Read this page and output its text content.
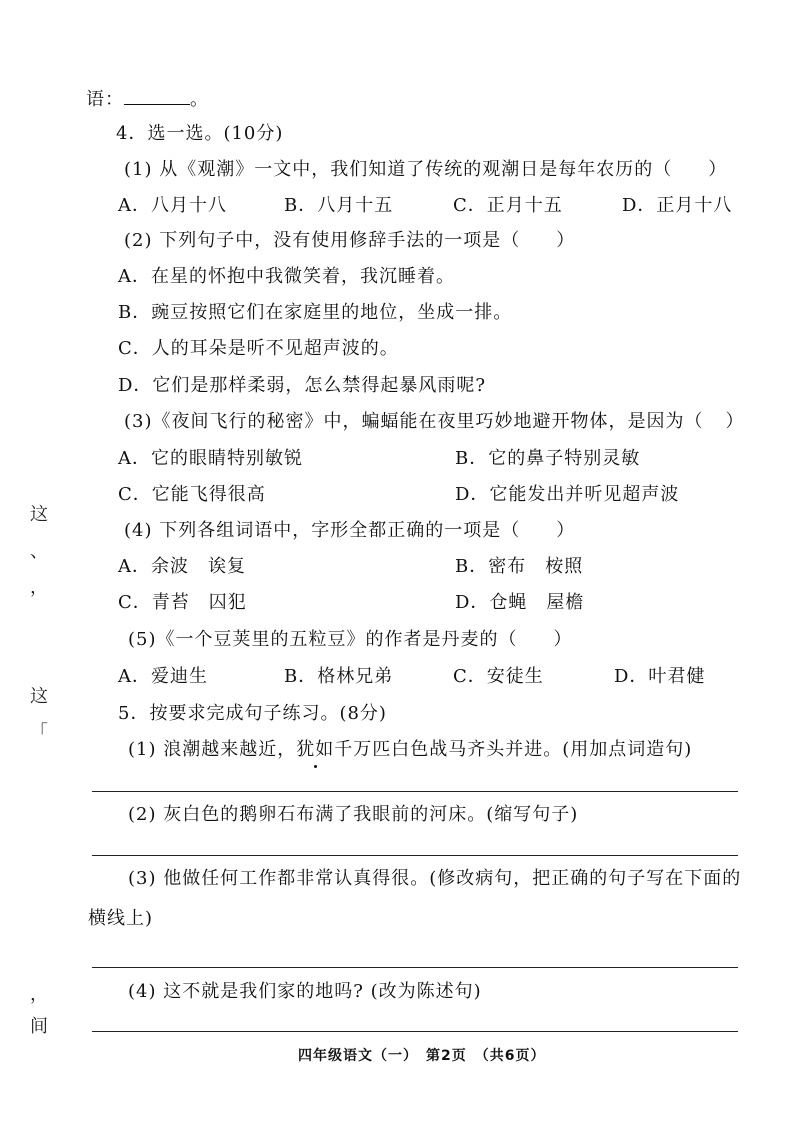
这
、
，
这
「
，
间
语：	。
4．选一选。(10分)
(1) 从《观潮》一文中，我们知道了传统的观潮日是每年农历的（ ）
A．八月十八	B．八月十五	C．正月十五	D．正月十八
(2) 下列句子中，没有使用修辞手法的一项是（ ）
A．在星的怀抱中我微笑着，我沉睡着。
B．豌豆按照它们在家庭里的地位，坐成一排。
C．人的耳朵是听不见超声波的。
D．它们是那样柔弱，怎么禁得起暴风雨呢?
(3)《夜间飞行的秘密》中，蝙蝠能在夜里巧妙地避开物体，是因为（ ）
A．它的眼睛特别敏锐	B．它的鼻子特别灵敏
C．它能飞得很高	D．它能发出并听见超声波
(4) 下列各组词语中，字形全都正确的一项是（ ）
A．余波　诶复	B．密布　桉照
C．青苔　囚犯	D．仓蝇　屋檐
(5)《一个豆荚里的五粒豆》的作者是丹麦的（ ）
A．爱迪生	B．格林兄弟	C．安徒生	D．叶君健
5．按要求完成句子练习。(8分)
(1) 浪潮越来越近，犹如千万匹白色战马齐头并进。(用加点词造句)
(2) 灰白色的鹅卵石布满了我眼前的河床。(缩写句子)
(3) 他做任何工作都非常认真得很。(修改病句，把正确的句子写在下面的
横线上)
(4) 这不就是我们家的地吗? (改为陈述句)
四年级语文（一）　第2页　（共6页）
